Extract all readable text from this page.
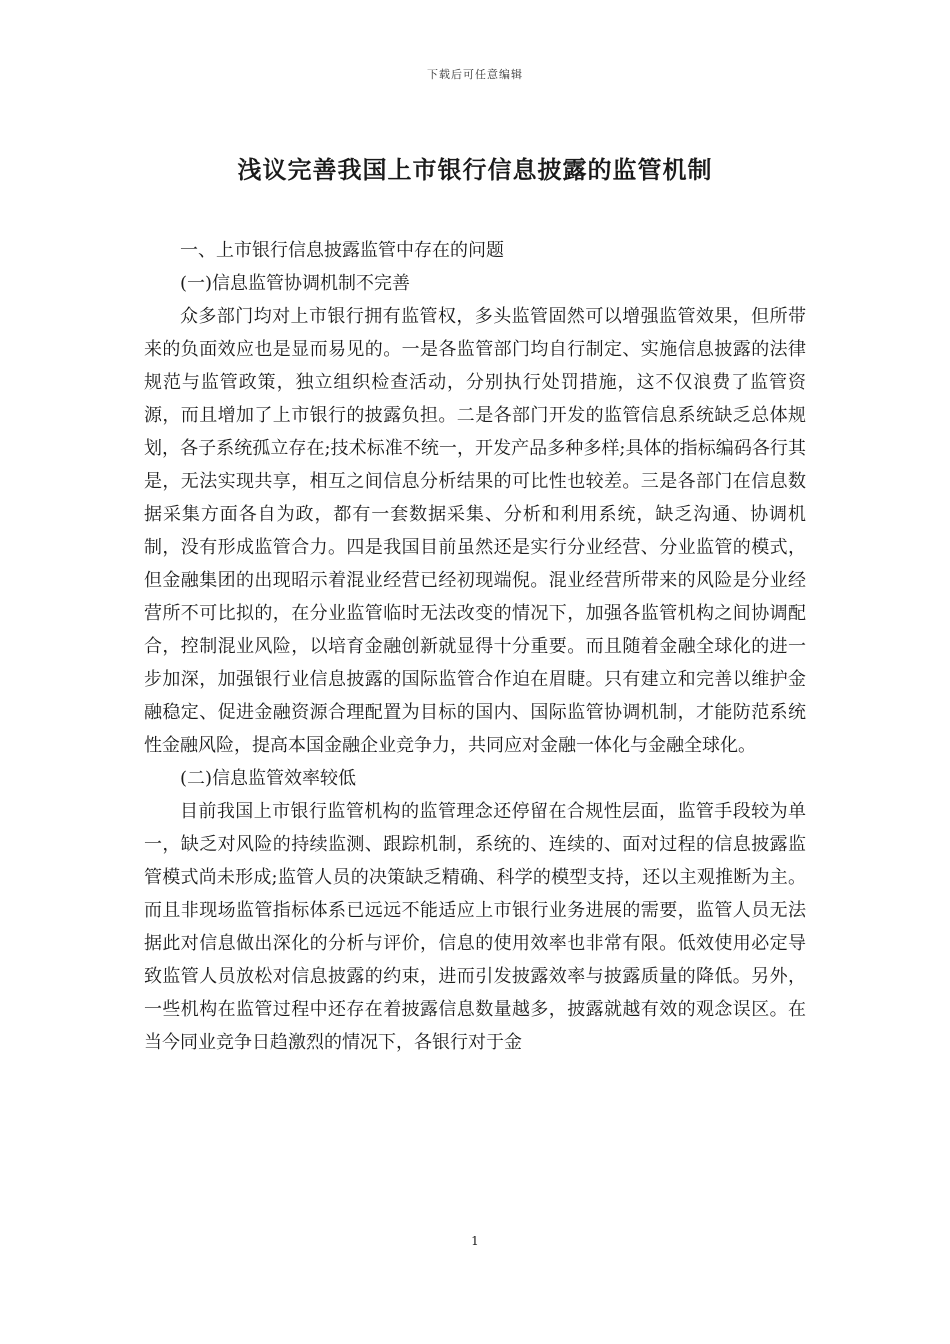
下载后可任意编辑
浅议完善我国上市银行信息披露的监管机制

一、上市银行信息披露监管中存在的问题

(一)信息监管协调机制不完善

众多部门均对上市银行拥有监管权，多头监管固然可以增强监管效果，但所带来的负面效应也是显而易见的。一是各监管部门均自行制定、实施信息披露的法律规范与监管政策，独立组织检查活动，分别执行处罚措施，这不仅浪费了监管资源，而且增加了上市银行的披露负担。二是各部门开发的监管信息系统缺乏总体规划，各子系统孤立存在;技术标准不统一，开发产品多种多样;具体的指标编码各行其是，无法实现共享，相互之间信息分析结果的可比性也较差。三是各部门在信息数据采集方面各自为政，都有一套数据采集、分析和利用系统，缺乏沟通、协调机制，没有形成监管合力。四是我国目前虽然还是实行分业经营、分业监管的模式，但金融集团的出现昭示着混业经营已经初现端倪。混业经营所带来的风险是分业经营所不可比拟的，在分业监管临时无法改变的情况下，加强各监管机构之间协调配合，控制混业风险，以培育金融创新就显得十分重要。而且随着金融全球化的进一步加深，加强银行业信息披露的国际监管合作迫在眉睫。只有建立和完善以维护金融稳定、促进金融资源合理配置为目标的国内、国际监管协调机制，才能防范系统性金融风险，提高本国金融企业竞争力，共同应对金融一体化与金融全球化。

(二)信息监管效率较低

目前我国上市银行监管机构的监管理念还停留在合规性层面，监管手段较为单一，缺乏对风险的持续监测、跟踪机制，系统的、连续的、面对过程的信息披露监管模式尚未形成;监管人员的决策缺乏精确、科学的模型支持，还以主观推断为主。而且非现场监管指标体系已远远不能适应上市银行业务进展的需要，监管人员无法据此对信息做出深化的分析与评价，信息的使用效率也非常有限。低效使用必定导致监管人员放松对信息披露的约束，进而引发披露效率与披露质量的降低。另外，一些机构在监管过程中还存在着披露信息数量越多，披露就越有效的观念误区。在当今同业竞争日趋激烈的情况下，各银行对于金

1
